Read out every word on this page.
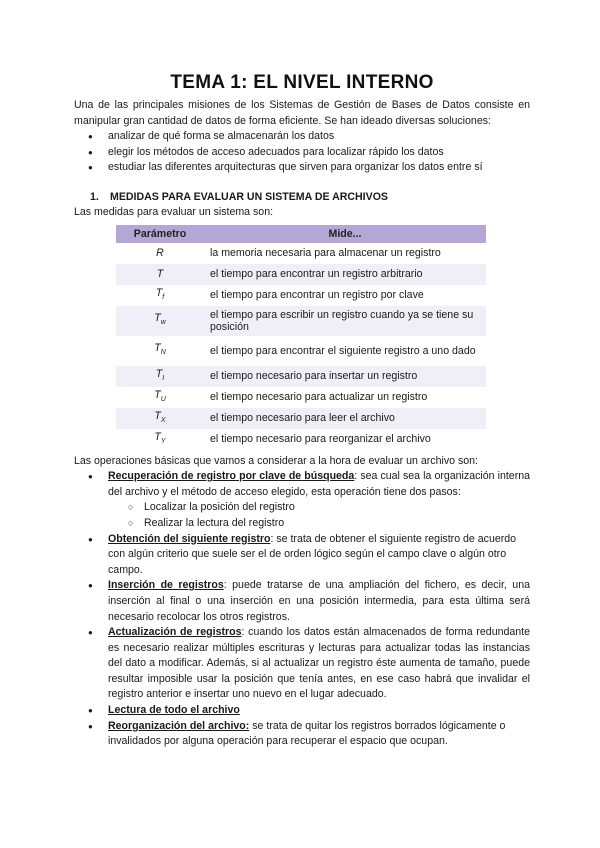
TEMA 1: EL NIVEL INTERNO

Una de las principales misiones de los Sistemas de Gestión de Bases de Datos consiste en manipular gran cantidad de datos de forma eficiente. Se han ideado diversas soluciones:

● analizar de qué forma se almacenarán los datos
● elegir los métodos de acceso adecuados para localizar rápido los datos
● estudiar las diferentes arquitecturas que sirven para organizar los datos entre sí
1. MEDIDAS PARA EVALUAR UN SISTEMA DE ARCHIVOS

Las medidas para evaluar un sistema son:

Parámetro	Mide...
R	la memoria necesaria para almacenar un registro
T	el tiempo para encontrar un registro arbitrario
$T_f$	el tiempo para encontrar un registro por clave
$T_w$	el tiempo para escribir un registro cuando ya se tiene su posición
$T_N$	el tiempo para encontrar el siguiente registro a uno dado
$T_I$	el tiempo necesario para insertar un registro
$T_U$	el tiempo necesario para actualizar un registro
$T_X$	el tiempo necesario para leer el archivo
$T_Y$	el tiempo necesario para reorganizar el archivo

Las operaciones básicas que vamos a considerar a la hora de evaluar un archivo son:

● Recuperación de registro por clave de búsqueda: sea cual sea la organización interna del archivo y el método de acceso elegido, esta operación tiene dos pasos:
○ Localizar la posición del registro
○ Realizar la lectura del registro
● Obtención del siguiente registro: se trata de obtener el siguiente registro de acuerdo con algún criterio que suele ser el de orden lógico según el campo clave o algún otro campo.
● Inserción de registros: puede tratarse de una ampliación del fichero, es decir, una inserción al final o una inserción en una posición intermedia, para esta última será necesario recolocar los otros registros.
● Actualización de registros: cuando los datos están almacenados de forma redundante es necesario realizar múltiples escrituras y lecturas para actualizar todas las instancias del dato a modificar. Además, si al actualizar un registro éste aumenta de tamaño, puede resultar imposible usar la posición que tenía antes, en ese caso habrá que invalidar el registro anterior e insertar uno nuevo en el lugar adecuado.
● Lectura de todo el archivo
● Reorganización del archivo: se trata de quitar los registros borrados lógicamente o invalidados por alguna operación para recuperar el espacio que ocupan.
